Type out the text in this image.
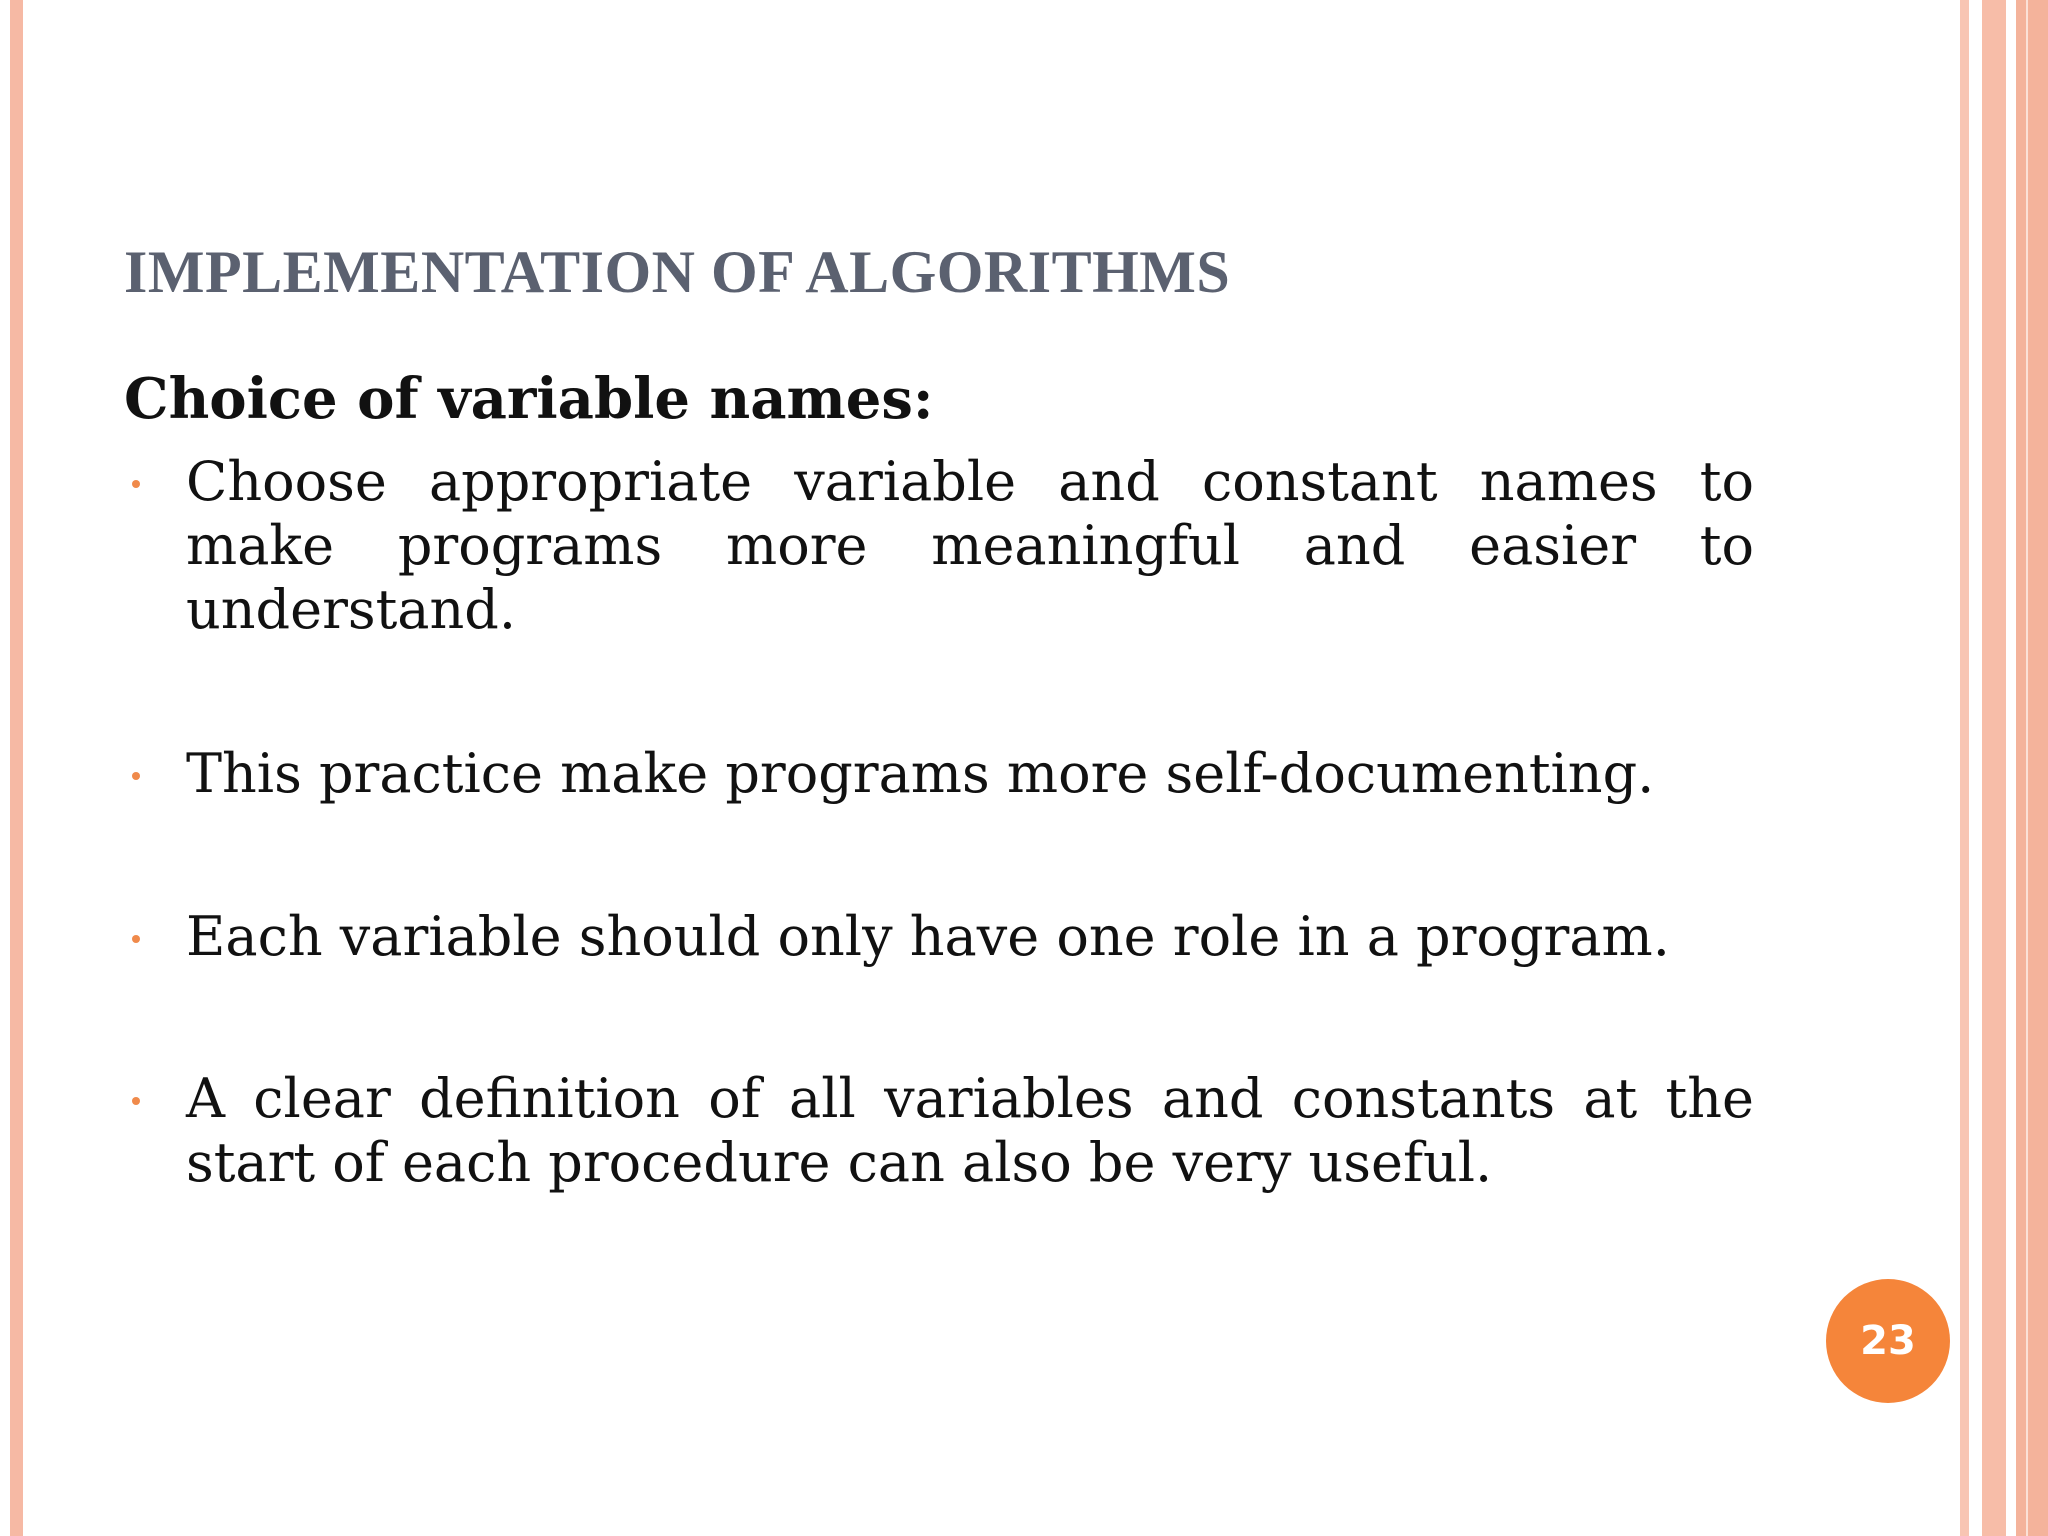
IMPLEMENTATION OF ALGORITHMS
Choice of variable names:

Choose appropriate variable and constant names to make programs more meaningful and easier to understand.

This practice make programs more self-documenting.

Each variable should only have one role in a program.

A clear definition of all variables and constants at the start of each procedure can also be very useful.

23
